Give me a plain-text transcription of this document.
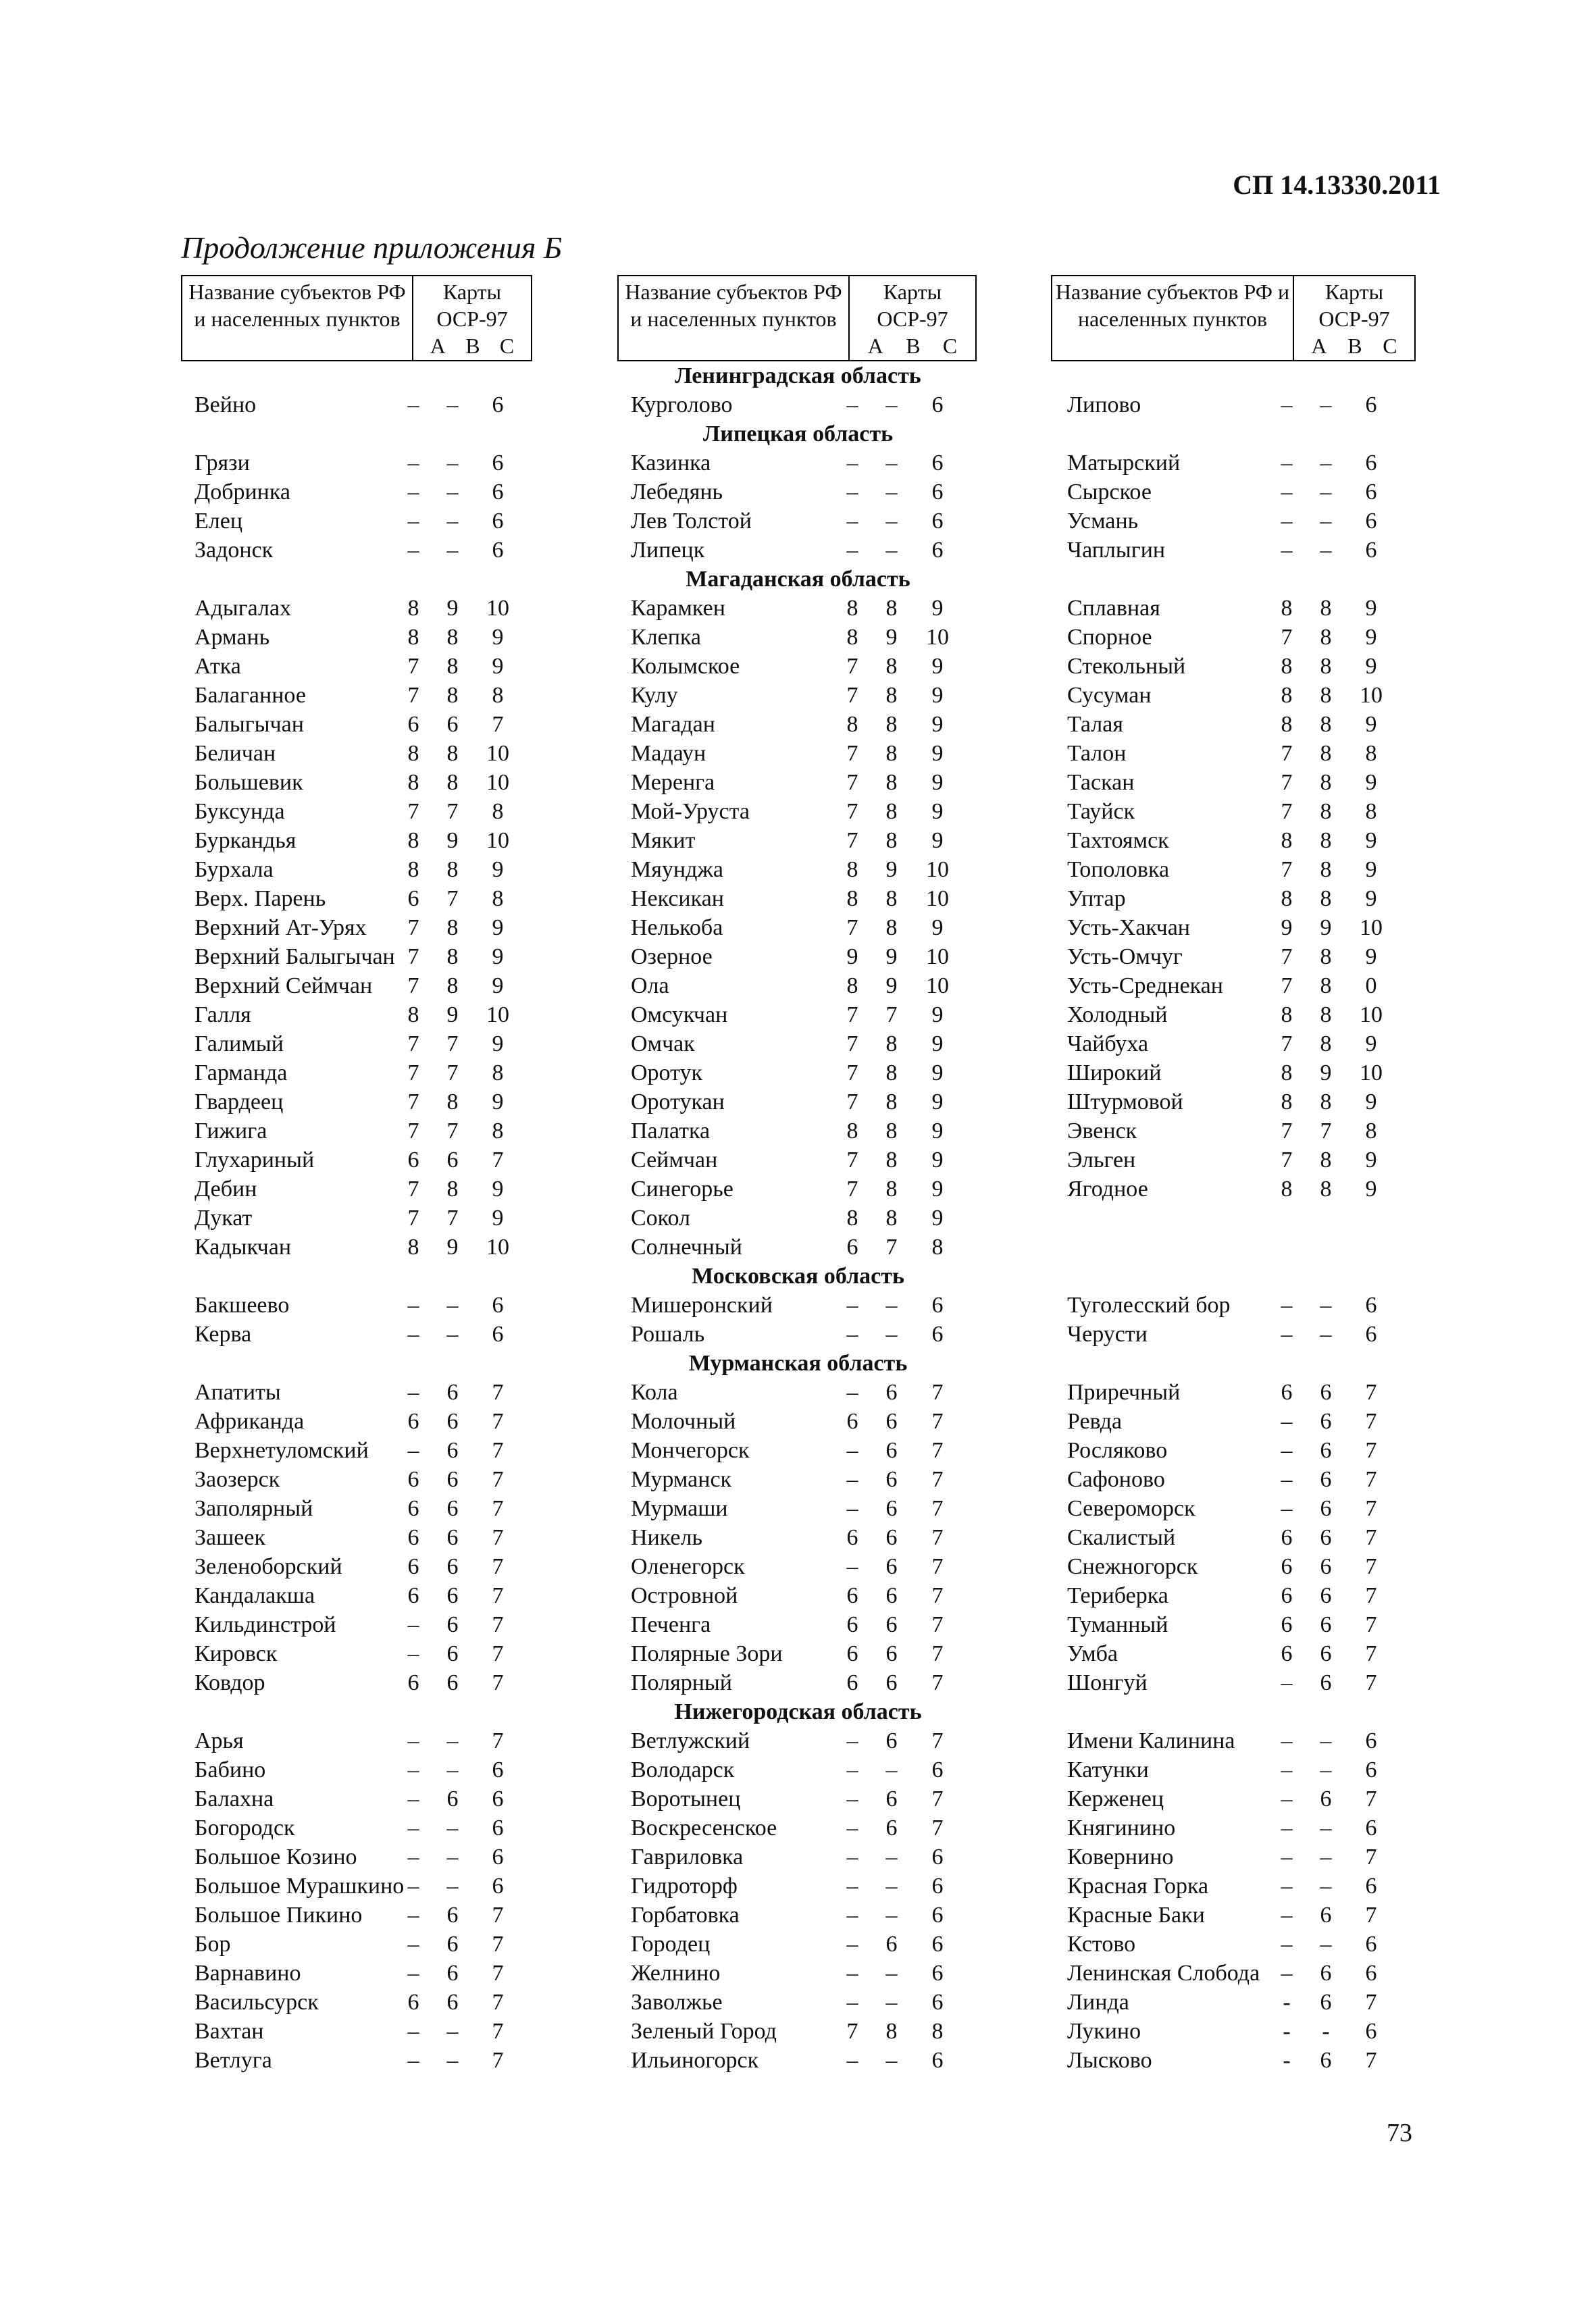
СП 14.13330.2011
Продолжение приложения Б
Название субъектов РФ и населенных пунктов
Карты ОСР-97
А В С
Название субъектов РФ и населенных пунктов
Карты ОСР-97
А В С
Название субъектов РФ и населенных пунктов
Карты ОСР-97
А В С
Ленинградская область
Вейно	–	–	6	Курголово	–	–	6	Липово	–	–	6
Липецкая область
Грязи	–	–	6	Казинка	–	–	6	Матырский	–	–	6
Добринка	–	–	6	Лебедянь	–	–	6	Сырское	–	–	6
Елец	–	–	6	Лев Толстой	–	–	6	Усмань	–	–	6
Задонск	–	–	6	Липецк	–	–	6	Чаплыгин	–	–	6
Магаданская область
Адыгалах	8	9	10	Карамкен	8	8	9	Сплавная	8	8	9
Армань	8	8	9	Клепка	8	9	10	Спорное	7	8	9
Атка	7	8	9	Колымское	7	8	9	Стекольный	8	8	9
Балаганное	7	8	8	Кулу	7	8	9	Сусуман	8	8	10
Балыгычан	6	6	7	Магадан	8	8	9	Талая	8	8	9
Беличан	8	8	10	Мадаун	7	8	9	Талон	7	8	8
Большевик	8	8	10	Меренга	7	8	9	Таскан	7	8	9
Буксунда	7	7	8	Мой-Уруста	7	8	9	Тауйск	7	8	8
Буркандья	8	9	10	Мякит	7	8	9	Тахтоямск	8	8	9
Бурхала	8	8	9	Мяунджа	8	9	10	Тополовка	7	8	9
Верх. Парень	6	7	8	Нексикан	8	8	10	Уптар	8	8	9
Верхний Ат-Урях	7	8	9	Нелькоба	7	8	9	Усть-Хакчан	9	9	10
Верхний Балыгычан 7	8	9	Озерное	9	9	10	Усть-Омчуг	7	8	9
Верхний Сеймчан	7	8	9	Ола	8	9	10	Усть-Среднекан	7	8	0
Галля	8	9	10	Омсукчан	7	7	9	Холодный	8	8	10
Галимый	7	7	9	Омчак	7	8	9	Чайбуха	7	8	9
Гарманда	7	7	8	Оротук	7	8	9	Широкий	8	9	10
Гвардеец	7	8	9	Оротукан	7	8	9	Штурмовой	8	8	9
Гижига	7	7	8	Палатка	8	8	9	Эвенск	7	7	8
Глухариный	6	6	7	Сеймчан	7	8	9	Эльген	7	8	9
Дебин	7	8	9	Синегорье	7	8	9	Ягодное	8	8	9
Дукат	7	7	9	Сокол	8	8	9
Кадыкчан	8	9	10	Солнечный	6	7	8
Московская область
Бакшеево	–	–	6	Мишеронский	–	–	6	Туголесский бор	–	–	6
Керва	–	–	6	Рошаль	–	–	6	Черусти	–	–	6
Мурманская область
Апатиты	–	6	7	Кола	–	6	7	Приречный	6	6	7
Африканда	6	6	7	Молочный	6	6	7	Ревда	–	6	7
Верхнетуломский	–	6	7	Мончегорск	–	6	7	Росляково	–	6	7
Заозерск	6	6	7	Мурманск	–	6	7	Сафоново	–	6	7
Заполярный	6	6	7	Мурмаши	–	6	7	Североморск	–	6	7
Зашеек	6	6	7	Никель	6	6	7	Скалистый	6	6	7
Зеленоборский	6	6	7	Оленегорск	–	6	7	Снежногорск	6	6	7
Кандалакша	6	6	7	Островной	6	6	7	Териберка	6	6	7
Кильдинстрой	–	6	7	Печенга	6	6	7	Туманный	6	6	7
Кировск	–	6	7	Полярные Зори	6	6	7	Умба	6	6	7
Ковдор	6	6	7	Полярный	6	6	7	Шонгуй	–	6	7
Нижегородская область
Арья	–	–	7	Ветлужский	–	6	7	Имени Калинина	–	–	6
Бабино	–	–	6	Володарск	–	–	6	Катунки	–	–	6
Балахна	–	6	6	Воротынец	–	6	7	Керженец	–	6	7
Богородск	–	–	6	Воскресенское	–	6	7	Княгинино	–	–	6
Большое Козино	–	–	6	Гавриловка	–	–	6	Ковернино	–	–	7
Большое Мурашкино –	–	6	Гидроторф	–	–	6	Красная Горка	–	–	6
Большое Пикино	–	6	7	Горбатовка	–	–	6	Красные Баки	–	6	7
Бор	–	6	7	Городец	–	6	6	Кстово	–	–	6
Варнавино	–	6	7	Желнино	–	–	6	Ленинская Слобода –	6	6
Васильсурск	6	6	7	Заволжье	–	–	6	Линда	-	6	7
Вахтан	–	–	7	Зеленый Город	7	8	8	Лукино	-	-	6
Ветлуга	–	–	7	Ильиногорск	–	–	6	Лысково	-	6	7
73
